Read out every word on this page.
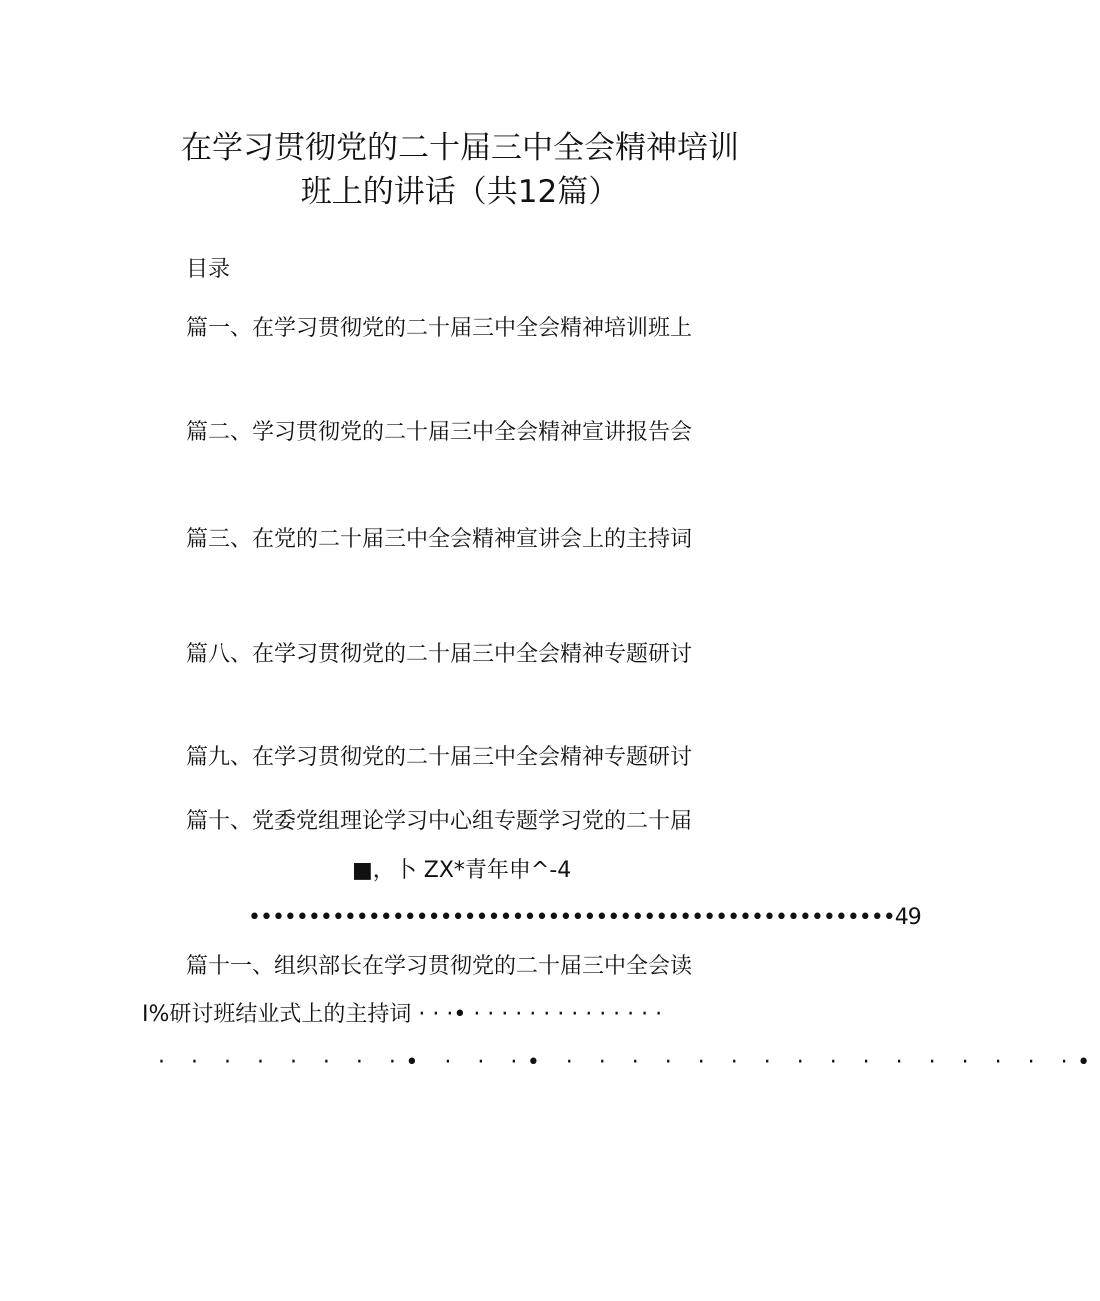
在学习贯彻党的二十届三中全会精神培训
班上的讲话（共12篇）
目录
篇一、在学习贯彻党的二十届三中全会精神培训班上
篇二、学习贯彻党的二十届三中全会精神宣讲报告会
篇三、在党的二十届三中全会精神宣讲会上的主持词
篇八、在学习贯彻党的二十届三中全会精神专题研讨
篇九、在学习贯彻党的二十届三中全会精神专题研讨
篇十、党委党组理论学习中心组专题学习党的二十届
■，卜 ZX*青年申^-4
••••••••••••••••••••••••••••••••••••••••••••••••••••••49
篇十一、组织部长在学习贯彻党的二十届三中全会读
I%研讨班结业式上的主持词 · · ·• · · · · · · · · · · · · · ·
· · · · · · · ·• · · ·• · · · · · · · · · · · · · · · ·•
